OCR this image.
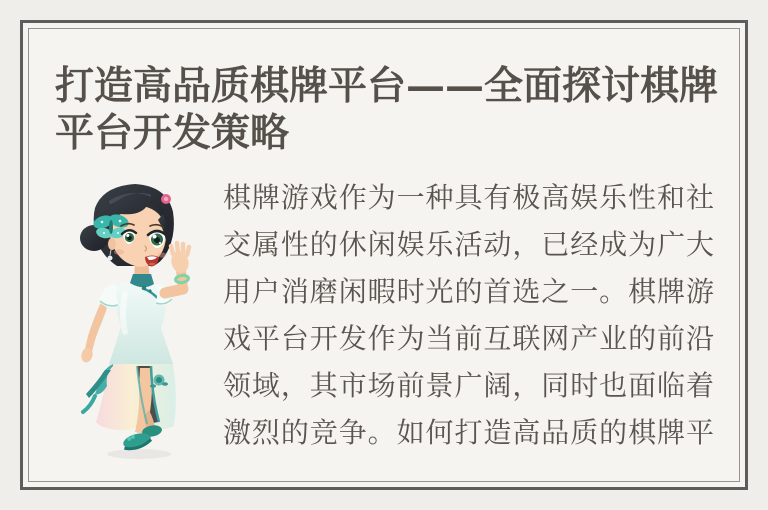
打造高品质棋牌平台——全面探讨棋牌
平台开发策略
棋牌游戏作为一种具有极高娱乐性和社
交属性的休闲娱乐活动，已经成为广大
用户消磨闲暇时光的首选之一。棋牌游
戏平台开发作为当前互联网产业的前沿
领域，其市场前景广阔，同时也面临着
激烈的竞争。如何打造高品质的棋牌平
